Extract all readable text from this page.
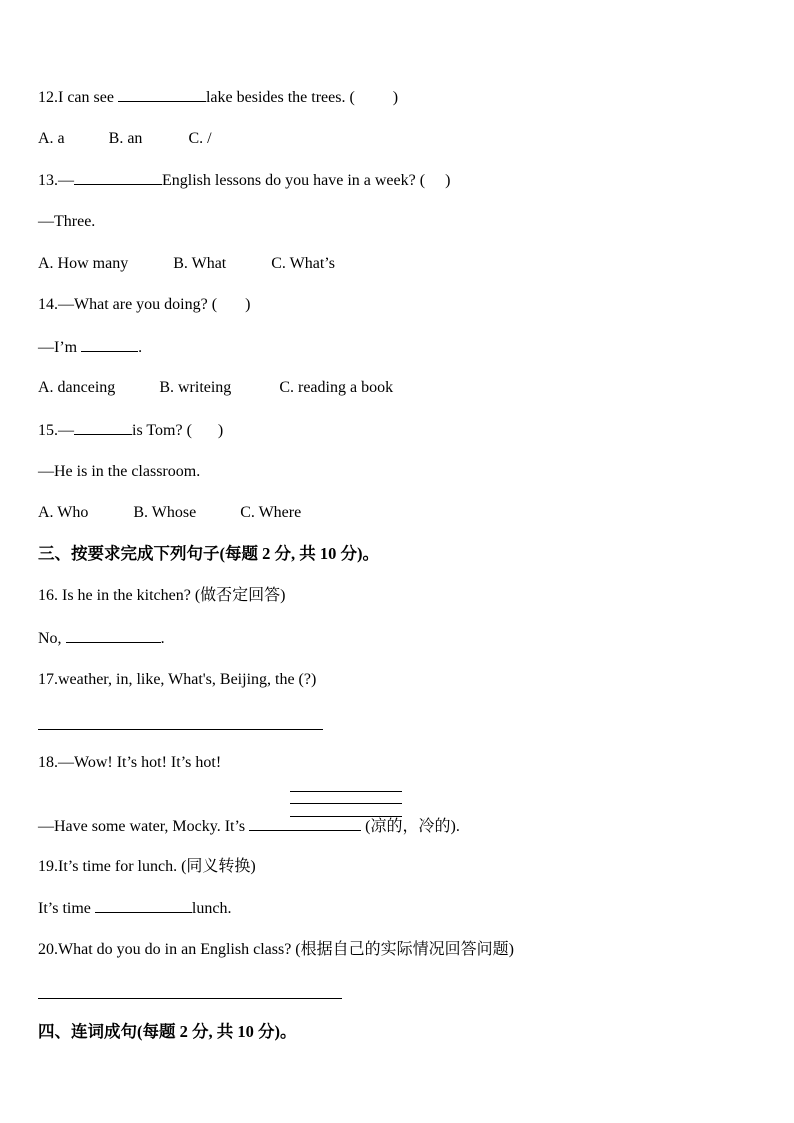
12.I can see	lake besides the trees. ( )
A. a	B. an	C. /
13.—	English lessons do you have in a week? ( )
—Three.
A. How many	B. What	C. What’s
14.—What are you doing? ( )
—I’m	.
A. danceing	B. writeing	C. reading a book
15.—	is Tom? ( )
—He is in the classroom.
A. Who	B. Whose	C. Where
三、按要求完成下列句子(每题 2 分, 共 10 分)。
16. Is he in the kitchen? (做否定回答)
No,	.
17.weather, in, like, What's, Beijing, the (?)
18.—Wow! It’s hot! It’s hot!
—Have some water, Mocky. It’s	(凉的，冷的).
19.It’s time for lunch. (同义转换)
It’s time	lunch.
20.What do you do in an English class? (根据自己的实际情况回答问题)
四、连词成句(每题 2 分, 共 10 分)。
